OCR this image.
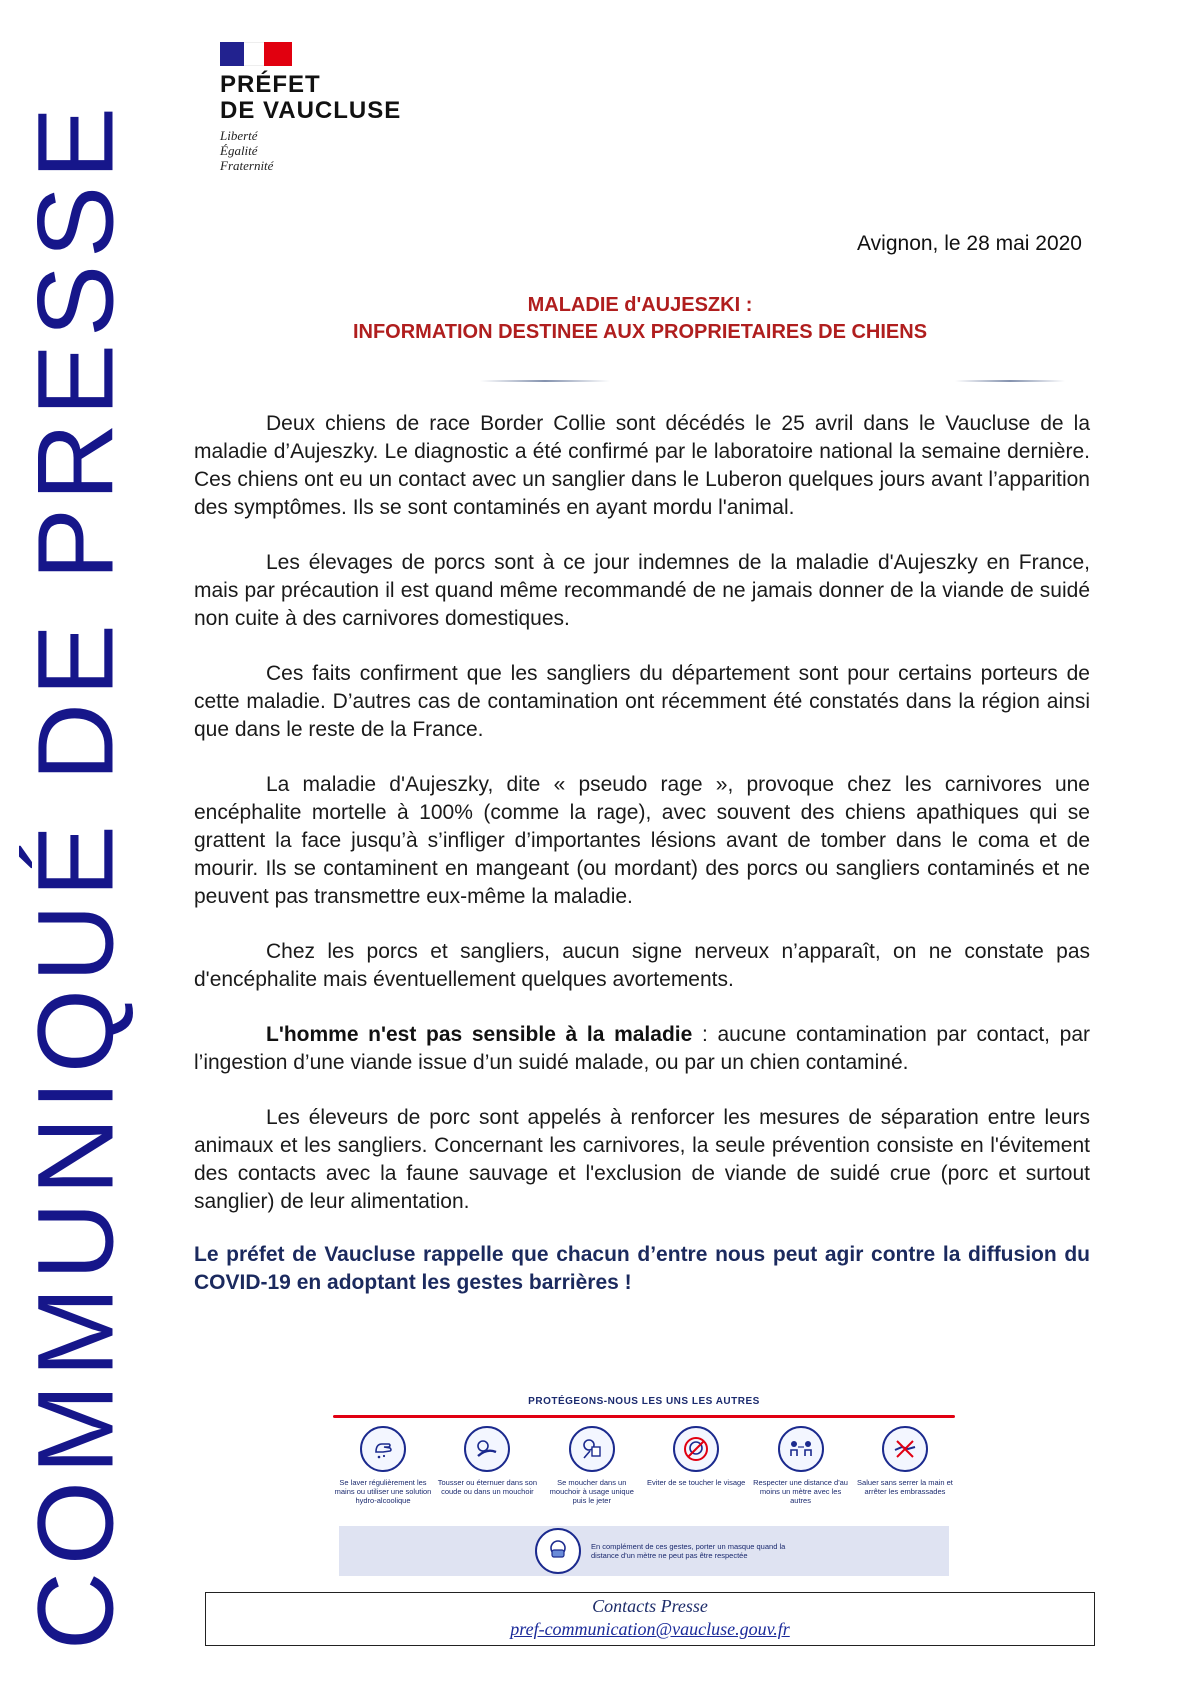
COMMUNIQUÉ DE PRESSE
PRÉFET
DE VAUCLUSE
Liberté
Égalité
Fraternité
Avignon, le 28 mai 2020
MALADIE d'AUJESZKI :
INFORMATION DESTINEE AUX PROPRIETAIRES DE CHIENS

Deux chiens de race Border Collie sont décédés le 25 avril dans le Vaucluse de la maladie d’Aujeszky. Le diagnostic a été confirmé par le laboratoire national la semaine dernière. Ces chiens ont eu un contact avec un sanglier dans le Luberon quelques jours avant l’apparition des symptômes. Ils se sont contaminés en ayant mordu l'animal.

Les élevages de porcs sont à ce jour indemnes de la maladie d'Aujeszky en France, mais par précaution il est quand même recommandé de ne jamais donner de la viande de suidé non cuite à des carnivores domestiques.

Ces faits confirment que les sangliers du département sont pour certains porteurs de cette maladie. D’autres cas de contamination ont récemment été constatés dans la région ainsi que dans le reste de la France.

La maladie d'Aujeszky, dite « pseudo rage », provoque chez les carnivores une encéphalite mortelle à 100% (comme la rage), avec souvent des chiens apathiques qui se grattent la face jusqu’à s’infliger d’importantes lésions avant de tomber dans le coma et de mourir. Ils se contaminent en mangeant (ou mordant) des porcs ou sangliers contaminés et ne peuvent pas transmettre eux-même la maladie.

Chez les porcs et sangliers, aucun signe nerveux n’apparaît, on ne constate pas d'encéphalite mais éventuellement quelques avortements.

L'homme n'est pas sensible à la maladie : aucune contamination par contact, par l’ingestion d’une viande issue d’un suidé malade, ou par un chien contaminé.

Les éleveurs de porc sont appelés à renforcer les mesures de séparation entre leurs animaux et les sangliers. Concernant les carnivores, la seule prévention consiste en l'évitement des contacts avec la faune sauvage et l'exclusion de viande de suidé crue (porc et surtout sanglier) de leur alimentation.

Le préfet de Vaucluse rappelle que chacun d’entre nous peut agir contre la diffusion du COVID-19 en adoptant les gestes barrières !

PROTÉGEONS-NOUS LES UNS LES AUTRES
Se laver régulièrement les mains ou utiliser une solution hydro-alcoolique
Tousser ou éternuer dans son coude ou dans un mouchoir
Se moucher dans un mouchoir à usage unique puis le jeter
Eviter de se toucher le visage	Respecter une distance d'au moins un mètre avec les autres
Saluer sans serrer la main et arrêter les embrassades
En complément de ces gestes, porter un masque quand la distance d'un mètre ne peut pas être respectée
Contacts Presse
pref-communication@vaucluse.gouv.fr
